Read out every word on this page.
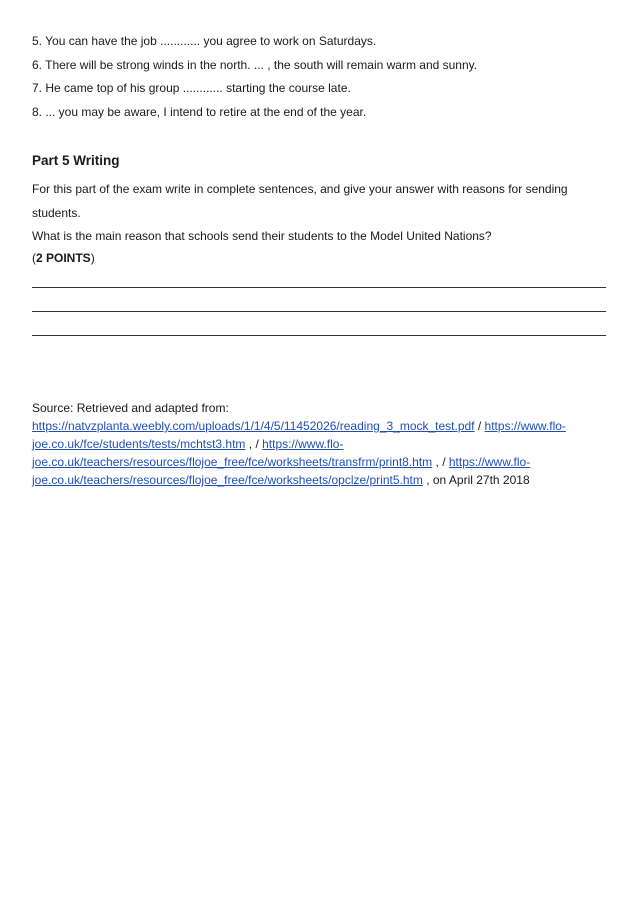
5. You can have the job ............ you agree to work on Saturdays.
6. There will be strong winds in the north. ... , the south will remain warm and sunny.
7. He came top of his group ............ starting the course late.
8. ... you may be aware, I intend to retire at the end of the year.
Part 5 Writing

For this part of the exam write in complete sentences, and give your answer with reasons for sending

students.

What is the main reason that schools send their students to the Model United Nations?

(2 POINTS)
Source: Retrieved and adapted from:
https://natvzplanta.weebly.com/uploads/1/1/4/5/11452026/reading_3_mock_test.pdf / https://www.flo-
joe.co.uk/fce/students/tests/mchtst3.htm , / https://www.flo-
joe.co.uk/teachers/resources/flojoe_free/fce/worksheets/transfrm/print8.htm , / https://www.flo-
joe.co.uk/teachers/resources/flojoe_free/fce/worksheets/opclze/print5.htm , on April 27th 2018
